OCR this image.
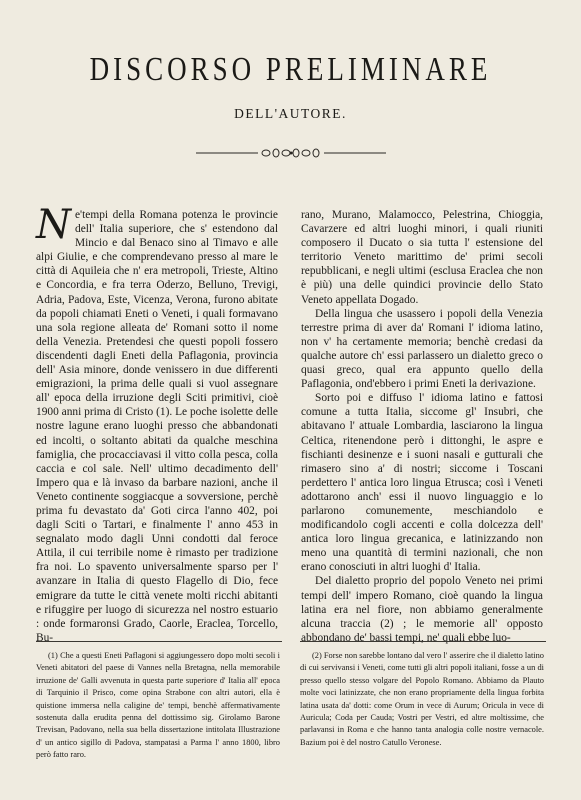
DISCORSO PRELIMINARE
DELL'AUTORE.

Ne'tempi della Romana potenza le provincie dell' Italia superiore, che s' estendono dal Mincio e dal Benaco sino al Timavo e alle alpi Giulie, e che comprendevano presso al mare le città di Aquileia che n' era metropoli, Trieste, Altino e Concordia, e fra terra Oderzo, Belluno, Trevigi, Adria, Padova, Este, Vicenza, Verona, furono abitate da popoli chiamati Eneti o Veneti, i quali formavano una sola regione alleata de' Romani sotto il nome della Venezia. Pretendesi che questi popoli fossero discendenti dagli Eneti della Paflagonia, provincia dell' Asia minore, donde venissero in due differenti emigrazioni, la prima delle quali si vuol assegnare all' epoca della irruzione degli Sciti primitivi, cioè 1900 anni prima di Cristo (1). Le poche isolette delle nostre lagune erano luoghi presso che abbandonati ed incolti, o soltanto abitati da qualche meschina famiglia, che procacciavasi il vitto colla pesca, colla caccia e col sale. Nell' ultimo decadimento dell' Impero qua e là invaso da barbare nazioni, anche il Veneto continente soggiacque a sovversione, perchè prima fu devastato da' Goti circa l'anno 402, poi dagli Sciti o Tartari, e finalmente l' anno 453 in segnalato modo dagli Unni condotti dal feroce Attila, il cui terribile nome è rimasto per tradizione fra noi. Lo spavento universalmente sparso per l' avanzare in Italia di questo Flagello di Dio, fece emigrare da tutte le città venete molti ricchi abitanti e rifuggire per luogo di sicurezza nel nostro estuario : onde formaronsi Grado, Caorle, Eraclea, Torcello, Bu-

rano, Murano, Malamocco, Pelestrina, Chioggia, Cavarzere ed altri luoghi minori, i quali riuniti composero il Ducato o sia tutta l' estensione del territorio Veneto marittimo de' primi secoli repubblicani, e negli ultimi (esclusa Eraclea che non è più) una delle quindici provincie dello Stato Veneto appellata Dogado.

Della lingua che usassero i popoli della Venezia terrestre prima di aver da' Romani l' idioma latino, non v' ha certamente memoria; benchè credasi da qualche autore ch' essi parlassero un dialetto greco o quasi greco, qual era appunto quello della Paflagonia, ond'ebbero i primi Eneti la derivazione.

Sorto poi e diffuso l' idioma latino e fattosi comune a tutta Italia, siccome gl' Insubri, che abitavano l' attuale Lombardia, lasciarono la lingua Celtica, ritenendone però i dittonghi, le aspre e fischianti desinenze e i suoni nasali e gutturali che rimasero sino a' di nostri; siccome i Toscani perdettero l' antica loro lingua Etrusca; così i Veneti adottarono anch' essi il nuovo linguaggio e lo parlarono comunemente, meschiandolo e modificandolo cogli accenti e colla dolcezza dell' antica loro lingua grecanica, e latinizzando non meno una quantità di termini nazionali, che non erano conosciuti in altri luoghi d' Italia.

Del dialetto proprio del popolo Veneto nei primi tempi dell' impero Romano, cioè quando la lingua latina era nel fiore, non abbiamo generalmente alcuna traccia (2) ; le memorie all' opposto abbondano de' bassi tempi, ne' quali ebbe luo-

(1) Che a questi Eneti Paflagoni si aggiungessero dopo molti secoli i Veneti abitatori del paese di Vannes nella Bretagna, nella memorabile irruzione de' Galli avvenuta in questa parte superiore d' Italia all' epoca di Tarquinio il Prisco, come opina Strabone con altri autori, ella è quistione immersa nella caligine de' tempi, benchè affermativamente sostenuta dalla erudita penna del dottissimo sig. Girolamo Barone Trevisan, Padovano, nella sua bella dissertazione intitolata Illustrazione d' un antico sigillo di Padova, stampatasi a Parma l' anno 1800, libro però fatto raro.

(2) Forse non sarebbe lontano dal vero l' asserire che il dialetto latino di cui servivansi i Veneti, come tutti gli altri popoli italiani, fosse a un di presso quello stesso volgare del Popolo Romano. Abbiamo da Plauto molte voci latinizzate, che non erano propriamente della lingua forbita latina usata da' dotti: come Orum in vece di Aurum; Oricula in vece di Auricula; Coda per Cauda; Vostri per Vestri, ed altre moltissime, che parlavansi in Roma e che hanno tanta analogia colle nostre vernacole. Bazium poi è del nostro Catullo Veronese.
